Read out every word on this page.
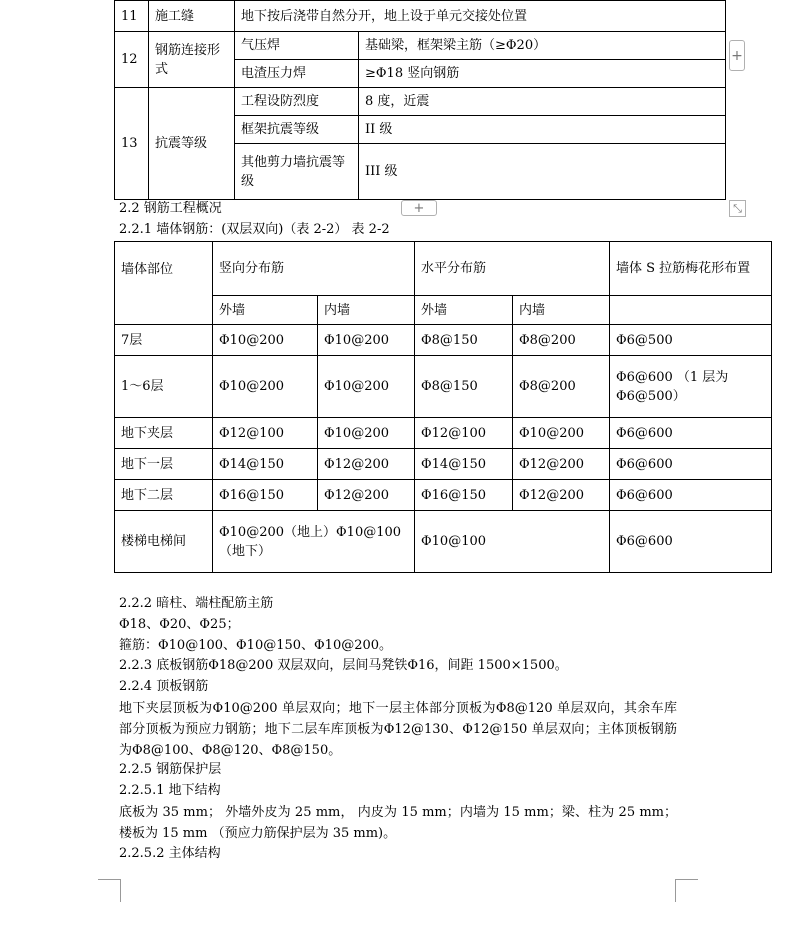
11	施工缝	地下按后浇带自然分开，地上设于单元交接处位置	
12	钢筋连接形式	气压焊	基础梁，框架梁主筋（≥Φ20）
		电渣压力焊	≥Φ18 竖向钢筋
13	抗震等级	工程设防烈度	8 度，近震
		框架抗震等级	II 级
		其他剪力墙抗震等级	III 级
+
+	⤡
2.2 钢筋工程概况
2.2.1 墙体钢筋：(双层双向)（表 2-2） 表 2-2
墙体部位	竖向分布筋		水平分布筋		墙体 S 拉筋梅花形布置
	外墙	内墙	外墙	内墙	
7层	Φ10@200	Φ10@200	Φ8@150	Φ8@200	Φ6@500
1～6层	Φ10@200	Φ10@200	Φ8@150	Φ8@200	Φ6@600 （1 层为Φ6@500）
地下夹层	Φ12@100	Φ10@200	Φ12@100	Φ10@200	Φ6@600
地下一层	Φ14@150	Φ12@200	Φ14@150	Φ12@200	Φ6@600
地下二层	Φ16@150	Φ12@200	Φ16@150	Φ12@200	Φ6@600
楼梯电梯间	Φ10@200（地上）Φ10@100（地下）		Φ10@100		Φ6@600
2.2.2 暗柱、端柱配筋主筋
Φ18、Φ20、Φ25；
箍筋：Φ10@100、Φ10@150、Φ10@200。
2.2.3 底板钢筋Φ18@200 双层双向，层间马凳铁Φ16，间距 1500×1500。
2.2.4 顶板钢筋
地下夹层顶板为Φ10@200 单层双向；地下一层主体部分顶板为Φ8@120 单层双向，其余车库部分顶板为预应力钢筋；地下二层车库顶板为Φ12@130、Φ12@150 单层双向；主体顶板钢筋为Φ8@100、Φ8@120、Φ8@150。
2.2.5 钢筋保护层
2.2.5.1 地下结构
底板为 35 mm； 外墙外皮为 25 mm， 内皮为 15 mm；内墙为 15 mm；梁、柱为 25 mm； 楼板为 15 mm （预应力筋保护层为 35 mm)。
2.2.5.2 主体结构
